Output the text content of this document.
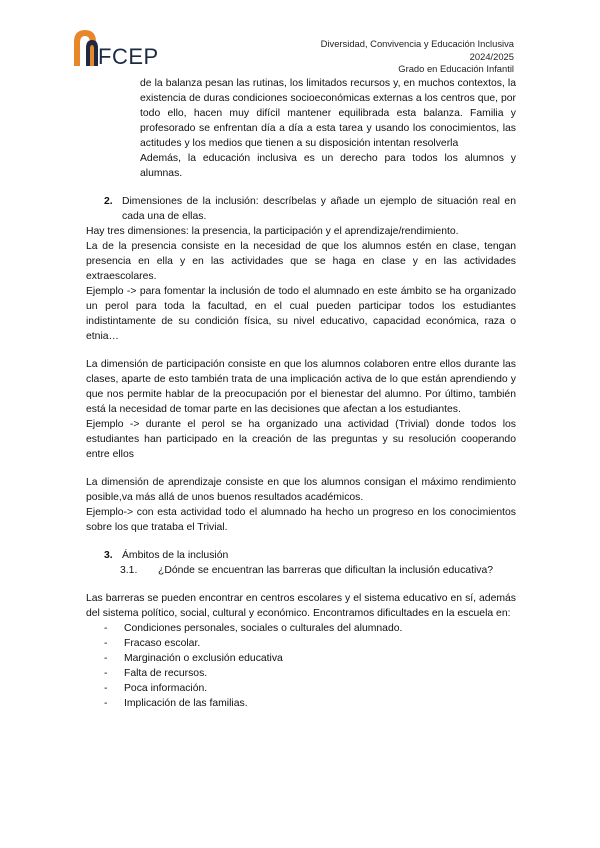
FCEP
Diversidad, Convivencia y Educación Inclusiva
2024/2025
Grado en Educación Infantil

de la balanza pesan las rutinas, los limitados recursos y, en muchos contextos, la existencia de duras condiciones socioeconómicas externas a los centros que, por todo ello, hacen muy difícil mantener equilibrada esta balanza. Familia y profesorado se enfrentan día a día a esta tarea y usando los conocimientos, las actitudes y los medios que tienen a su disposición intentan resolverla

Además, la educación inclusiva es un derecho para todos los alumnos y alumnas.

2. Dimensiones de la inclusión: descríbelas y añade un ejemplo de situación real en cada una de ellas.

Hay tres dimensiones: la presencia, la participación y el aprendizaje/rendimiento.

La de la presencia consiste en la necesidad de que los alumnos estén en clase, tengan presencia en ella y en las actividades que se haga en clase y en las actividades extraescolares.

Ejemplo -> para fomentar la inclusión de todo el alumnado en este ámbito se ha organizado un perol para toda la facultad, en el cual pueden participar todos los estudiantes indistintamente de su condición física, su nivel educativo, capacidad económica, raza o etnia…

La dimensión de participación consiste en que los alumnos colaboren entre ellos durante las clases, aparte de esto también trata de una implicación activa de lo que están aprendiendo y que nos permite hablar de la preocupación por el bienestar del alumno. Por último, también está la necesidad de tomar parte en las decisiones que afectan a los estudiantes.

Ejemplo -> durante el perol se ha organizado una actividad (Trivial) donde todos los estudiantes han participado en la creación de las preguntas y su resolución cooperando entre ellos

La dimensión de aprendizaje consiste en que los alumnos consigan el máximo rendimiento posible,va más allá de unos buenos resultados académicos.

Ejemplo-> con esta actividad todo el alumnado ha hecho un progreso en los conocimientos sobre los que trataba el Trivial.

3. Ámbitos de la inclusión
3.1.	¿Dónde se encuentran las barreras que dificultan la inclusión educativa?

Las barreras se pueden encontrar en centros escolares y el sistema educativo en sí, además del sistema político, social, cultural y económico. Encontramos dificultades en la escuela en:

-	Condiciones personales, sociales o culturales del alumnado.
-	Fracaso escolar.
-	Marginación o exclusión educativa
-	Falta de recursos.
-	Poca información.
-	Implicación de las familias.
